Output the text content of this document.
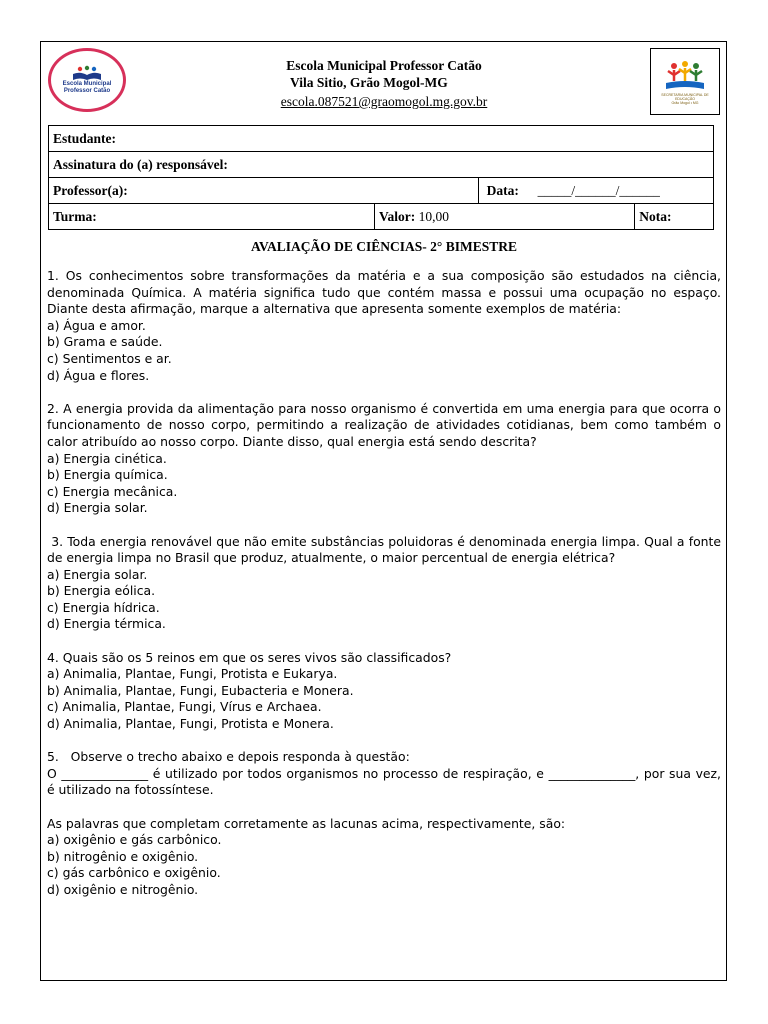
Escola Municipal
Professor Catão
SECRETARIA MUNICIPAL DE EDUCAÇÃO
Grão Mogol • MG
Escola Municipal Professor Catão
Vila Sitio, Grão Mogol-MG
escola.087521@graomogol.mg.gov.br
Estudante:			
Assinatura do (a) responsável:			
Professor(a):		Data: _____/______/______	
Turma:	Valor: 10,00		Nota:
AVALIAÇÃO DE CIÊNCIAS- 2° BIMESTRE

1. Os conhecimentos sobre transformações da matéria e a sua composição são estudados na ciência, denominada Química. A matéria significa tudo que contém massa e possui uma ocupação no espaço. Diante desta afirmação, marque a alternativa que apresenta somente exemplos de matéria:

a) Água e amor.

b) Grama e saúde.

c) Sentimentos e ar.

d) Água e flores.

2. A energia provida da alimentação para nosso organismo é convertida em uma energia para que ocorra o funcionamento de nosso corpo, permitindo a realização de atividades cotidianas, bem como também o calor atribuído ao nosso corpo. Diante disso, qual energia está sendo descrita?

a) Energia cinética.

b) Energia química.

c) Energia mecânica.

d) Energia solar.

3. Toda energia renovável que não emite substâncias poluidoras é denominada energia limpa. Qual a fonte de energia limpa no Brasil que produz, atualmente, o maior percentual de energia elétrica?

a) Energia solar.

b) Energia eólica.

c) Energia hídrica.

d) Energia térmica.

4. Quais são os 5 reinos em que os seres vivos são classificados?

a) Animalia, Plantae, Fungi, Protista e Eukarya.

b) Animalia, Plantae, Fungi, Eubacteria e Monera.

c) Animalia, Plantae, Fungi, Vírus e Archaea.

d) Animalia, Plantae, Fungi, Protista e Monera.

5.   Observe o trecho abaixo e depois responda à questão:

O ______________ é utilizado por todos organismos no processo de respiração, e ______________, por sua vez, é utilizado na fotossíntese.

As palavras que completam corretamente as lacunas acima, respectivamente, são:

a) oxigênio e gás carbônico.

b) nitrogênio e oxigênio.

c) gás carbônico e oxigênio.

d) oxigênio e nitrogênio.
